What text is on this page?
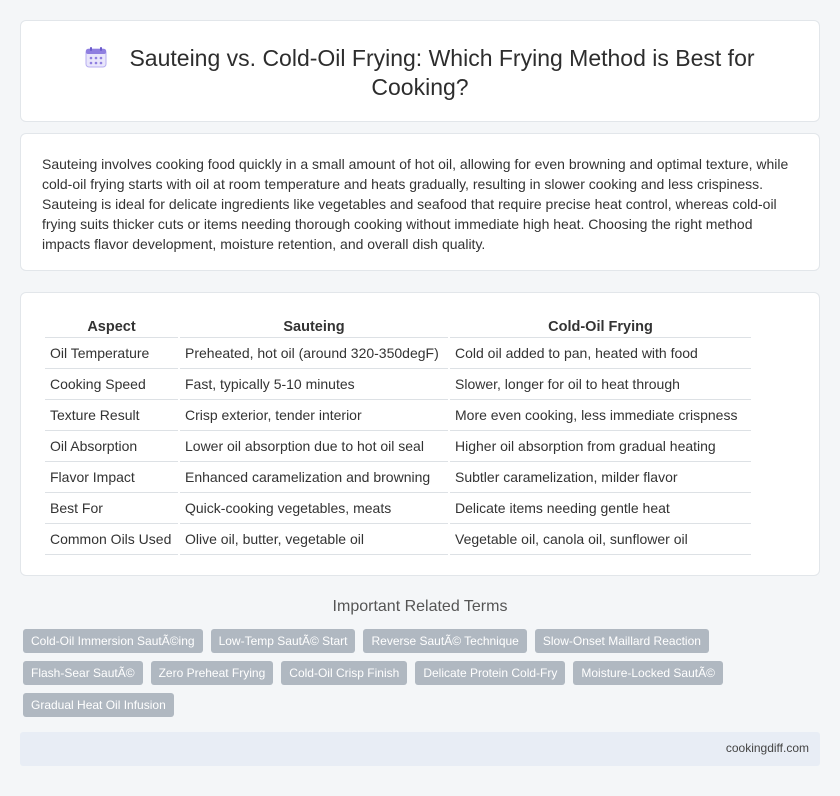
Sauteing vs. Cold-Oil Frying: Which Frying Method is Best for Cooking?

Sauteing involves cooking food quickly in a small amount of hot oil, allowing for even browning and optimal texture, while cold-oil frying starts with oil at room temperature and heats gradually, resulting in slower cooking and less crispiness. Sauteing is ideal for delicate ingredients like vegetables and seafood that require precise heat control, whereas cold-oil frying suits thicker cuts or items needing thorough cooking without immediate high heat. Choosing the right method impacts flavor development, moisture retention, and overall dish quality.

Aspect	Sauteing	Cold-Oil Frying
Oil Temperature	Preheated, hot oil (around 320-350degF)	Cold oil added to pan, heated with food
Cooking Speed	Fast, typically 5-10 minutes	Slower, longer for oil to heat through
Texture Result	Crisp exterior, tender interior	More even cooking, less immediate crispness
Oil Absorption	Lower oil absorption due to hot oil seal	Higher oil absorption from gradual heating
Flavor Impact	Enhanced caramelization and browning	Subtler caramelization, milder flavor
Best For	Quick-cooking vegetables, meats	Delicate items needing gentle heat
Common Oils Used	Olive oil, butter, vegetable oil	Vegetable oil, canola oil, sunflower oil
Important Related Terms
Cold-Oil Immersion SautÃ©ing	Low-Temp SautÃ© Start	Reverse SautÃ© Technique	Slow-Onset Maillard Reaction
Flash-Sear SautÃ©	Zero Preheat Frying	Cold-Oil Crisp Finish	Delicate Protein Cold-Fry	Moisture-Locked SautÃ©
Gradual Heat Oil Infusion
cookingdiff.com
